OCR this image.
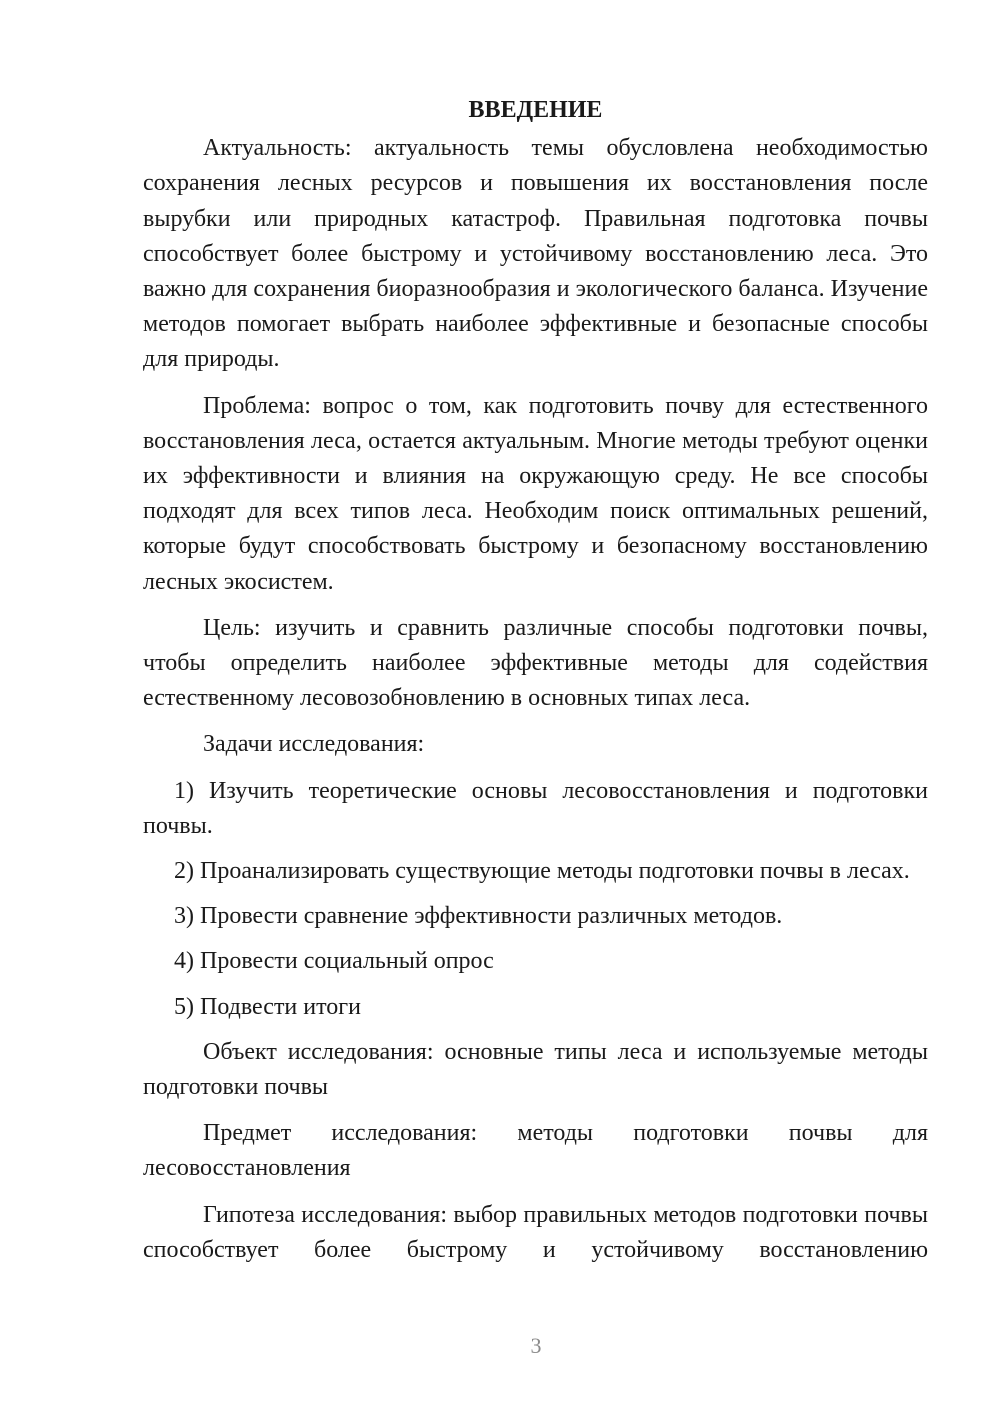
ВВЕДЕНИЕ

Актуальность: актуальность темы обусловлена необходимостью сохранения лесных ресурсов и повышения их восстановления после вырубки или природных катастроф. Правильная подготовка почвы способствует более быстрому и устойчивому восстановлению леса. Это важно для сохранения биоразнообразия и экологического баланса. Изучение методов помогает выбрать наиболее эффективные и безопасные способы для природы.

Проблема: вопрос о том, как подготовить почву для естественного восстановления леса, остается актуальным. Многие методы требуют оценки их эффективности и влияния на окружающую среду. Не все способы подходят для всех типов леса. Необходим поиск оптимальных решений, которые будут способствовать быстрому и безопасному восстановлению лесных экосистем.

Цель: изучить и сравнить различные способы подготовки почвы, чтобы определить наиболее эффективные методы для содействия естественному лесовозобновлению в основных типах леса.

Задачи исследования:

1) Изучить теоретические основы лесовосстановления и подготовки почвы.

2) Проанализировать существующие методы подготовки почвы в лесах.

3) Провести сравнение эффективности различных методов.

4) Провести социальный опрос

5) Подвести итоги

Объект исследования: основные типы леса и используемые методы подготовки почвы

Предмет исследования: методы подготовки почвы для лесовосстановления

Гипотеза исследования: выбор правильных методов подготовки почвы способствует более быстрому и устойчивому восстановлению

3
